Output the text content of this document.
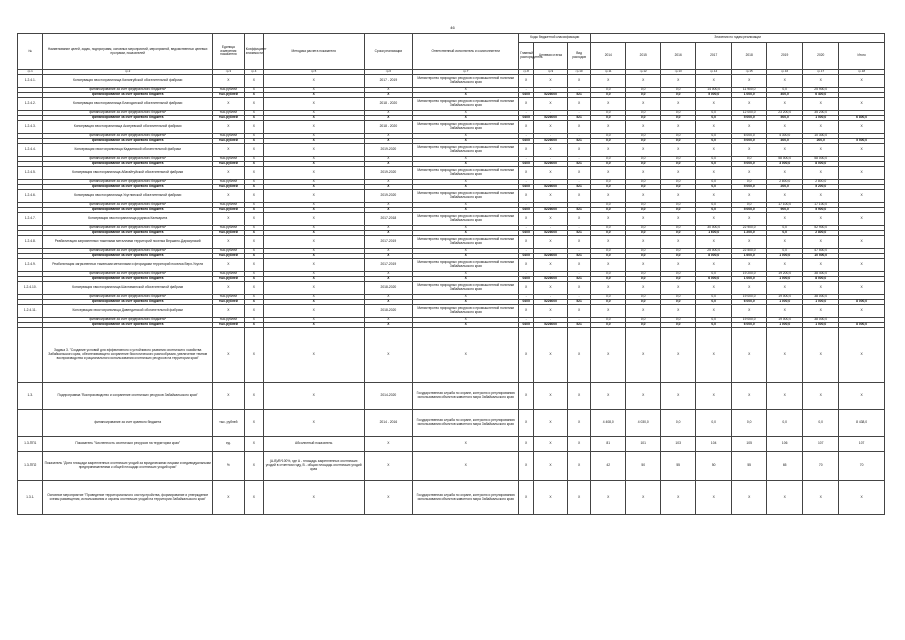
46
№	Наименование целей, задач, подпрограмм, основных мероприятий, мероприятий, ведомственных целевых программ, показателей	Единица измерения показателя	Коэффициент значимости	Методика расчета показателя	Сроки реализации	Ответственный исполнитель и соисполнители	Коды бюджетной классификации			Значения по годам реализации							
							Главный распорядитель	Целевая статья	Вид расходов	2014	2015	2016	2017	2018	2019	2020	Итого
гр.1	гр.2	гр.3	гр.4	гр.5	гр.6	гр.7	гр.8	гр.9	гр.10	гр.11	гр.12	гр.13	гр.14	гр.15	гр.16	гр.17	гр.18
1.2.4.1.	Консервация хвостохранилища Калангуйской обогатительной фабрики	Х	Х	Х	2017 - 2019	Министерство природных ресурсов и промышленной политики Забайкальского края	Х	Х	Х	Х	Х	Х	Х	Х	Х	Х	Х
	финансирование за счет федерального бюджета*	тыс.рублей	Х	Х	Х	Х	-	-	-	0,0	0,0	0,0	14 000,0	11 900,0	0,0	25 900,0	
	финансирование за счет краевого бюджета	тыс.рублей	Х	Х	Х	Х	0405	5226000	521	0,0	0,0	0,0	5 000,0	1 000,0	400,0	6 400,0	
1.2.4.2.	Консервация хвостохранилища Благодатской обогатительной фабрики	Х	Х	Х	2018 - 2020	Министерство природных ресурсов и промышленной политики Забайкальского края	Х	Х	Х	Х	Х	Х	Х	Х	Х	Х	Х
	финансирование за счет федерального бюджета*	тыс.рублей	Х	Х	Х	Х	-	-	-	0,0	0,0	0,0	0,0	12 000,0	23 200,0	35 200,0	
	финансирование за счет краевого бюджета	тыс.рублей	Х	Х	Х	Х	0405	5226000	521	0,0	0,0	0,0	0,0	5 000,0	500,0	1 000,0	6 800,0
1.2.4.3.	Консервация хвостохранилища Акатуевской обогатительной фабрики	Х	Х	Х	2018 - 2020	Министерство природных ресурсов и промышленной политики Забайкальского края	Х	Х	Х	Х	Х	Х	Х	Х	Х	Х	Х
	финансирование за счет федерального бюджета*	тыс.рублей	Х	Х	Х	Х	-	-	-	0,0	0,0	0,0	0,0	6 000,0	4 300,0	10 300,0	
	финансирование за счет краевого бюджета	тыс.рублей	Х	Х	Х	Х	0405	5226000	521	0,0	0,0	0,0	0,0	5 000,0	300,0	200,0	5 500,0
1.2.4.4.	Консервация хвостохранилища Кадаинской обогатительной фабрики	Х	Х	Х	2019-2020	Министерство природных ресурсов и промышленной политики Забайкальского края	Х	Х	Х	Х	Х	Х	Х	Х	Х	Х	Х
	финансирование за счет федерального бюджета*	тыс.рублей	Х	Х	Х	Х	-	-	-	0,0	0,0	0,0	0,0	0,0	58 000,0	58 000,0	
	финансирование за счет краевого бюджета	тыс.рублей	Х	Х	Х	Х	0405	5226000	521	0,0	0,0	0,0	0,0	5 000,0	3 000,0	8 000,0	
1.2.4.5.	Консервация хвостохранилища Абагайтуйской обогатительной фабрики	Х	Х	Х	2019-2020	Министерство природных ресурсов и промышленной политики Забайкальского края	Х	Х	Х	Х	Х	Х	Х	Х	Х	Х	Х
	финансирование за счет федерального бюджета*	тыс.рублей	Х	Х	Х	Х	-	-	-	0,0	0,0	0,0	0,0	0,0	2 800,0	2 800,0	
	финансирование за счет краевого бюджета	тыс.рублей	Х	Х	Х	Х	0405	5226000	521	0,0	0,0	0,0	0,0	5 000,0	200,0	5 200,0	
1.2.4.6.	Консервация хвостохранилища Усуглинской обогатительной фабрики	Х	Х	Х	2019-2020	Министерство природных ресурсов и промышленной политики Забайкальского края	Х	Х	Х	Х	Х	Х	Х	Х	Х	Х	Х
	финансирование за счет федерального бюджета*	тыс.рублей	Х	Х	Х	Х	-	-	-	0,0	0,0	0,0	0,0	0,0	17 100,0	17 100,0	
	финансирование за счет краевого бюджета	тыс.рублей	Х	Х	Х	Х	0405	5226000	521	0,0	0,0	0,0	0,0	5 000,0	900,0	5 900,0	
1.2.4.7.	Консервация хвостохранилища рудника Калмарита	Х	Х	Х	2017-2018	Министерство природных ресурсов и промышленной политики Забайкальского края	Х	Х	Х	Х	Х	Х	Х	Х	Х	Х	Х
	финансирование за счет федерального бюджета*	тыс.рублей	Х	Х	Х	Х	-	-	-	0,0	0,0	0,0	30 000,0	22 900,0	0,0	52 900,0	
	финансирование за счет краевого бюджета	тыс.рублей	Х	Х	Х	Х	0405	5226000	521	0,0	0,0	0,0	1 600,0	1 200,0	0,0	2 800,0	
1.2.4.8.	Реабилитация загрязненных тяжелыми металлами территорий поселка Вершино-Дарасунский	Х	Х	Х	2017-2019	Министерство природных ресурсов и промышленной политики Забайкальского края	Х	Х	Х	Х	Х	Х	Х	Х	Х	Х	Х
	финансирование за счет федерального бюджета*	тыс.рублей	Х	Х	Х	Х	-	-	-	0,0	0,0	0,0	25 000,0	22 500,0	0,0	47 500,0	
	финансирование за счет краевого бюджета	тыс.рублей	Х	Х	Х	Х	0405	5226000	521	0,0	0,0	0,0	8 000,0	1 600,0	1 000,0	10 500,0	
1.2.4.9.	Реабилитация загрязненных тяжелыми металлами и фторидами территорий поселка Верх-Усугли	Х	Х	Х	2017-2019	Министерство природных ресурсов и промышленной политики Забайкальского края	Х	Х	Х	Х	Х	Х	Х	Х	Х	Х	Х
	финансирование за счет федерального бюджета*	тыс.рублей	Х	Х	Х	Х	-	-	-	0,0	0,0	0,0	0,0	19 200,0	19 200,0	38 400,0	
	финансирование за счет краевого бюджета	тыс.рублей	Х	Х	Х	Х	0405	5226000	521	0,0	0,0	0,0	6 000,0	1 000,0	1 000,0	8 000,0	
1.2.4.10.	Консервация хвостохранилища Шахтаминской обогатительной фабрики	Х	Х	Х	2018-2020	Министерство природных ресурсов и промышленной политики Забайкальского края	Х	Х	Х	Х	Х	Х	Х	Х	Х	Х	Х
	финансирование за счет федерального бюджета*	тыс.рублей	Х	Х	Х	Х	-	-	-	0,0	0,0	0,0	0,0	19 000,0	19 000,0	38 000,0	
	финансирование за счет краевого бюджета	тыс.рублей	Х	Х	Х	Х	0405	5226000	521	0,0	0,0	0,0	0,0	6 000,0	1 000,0	1 000,0	8 000,0
1.2.4.11.	Консервация хвостохранилища Давендинской обогатительной фабрики	Х	Х	Х	2018-2020	Министерство природных ресурсов и промышленной политики Забайкальского края	Х	Х	Х	Х	Х	Х	Х	Х	Х	Х	Х
	финансирование за счет федерального бюджета*	тыс.рублей	Х	Х	Х	Х	-	-	-	0,0	0,0	0,0	0,0	19 000,0	19 000,0	38 000,0	
	финансирование за счет краевого бюджета	тыс.рублей	Х	Х	Х	Х	0405	5226000	521	0,0	0,0	0,0	0,0	6 000,0	1 000,0	1 000,0	8 000,0
	Задача 3. "Создание условий для эффективного и устойчивого развития охотничьего хозяйства Забайкальского края, обеспечивающего сохранение биологического разнообразия, увеличение темпов воспроизводства и рационального использования охотничьих ресурсов на территории края"	Х	Х	Х	Х	Х	Х	Х	Х	Х	Х	Х	Х	Х	Х	Х	Х
1.3.	Подпрограмма "Воспроизводство и сохранение охотничьих ресурсов Забайкальского края"	Х	Х	Х	2014-2020	Государственная служба по охране, контролю и регулированию использования объектов животного мира Забайкальского края	Х	Х	Х	Х	Х	Х	Х	Х	Х	Х	Х
	финансирование за счет краевого бюджета	тыс. рублей	Х	Х	2014 - 2016	Государственная служба по охране, контролю и регулированию использования объектов животного мира Забайкальского края	Х	Х	Х	4 408,0	4 030,0	0,0	0,0	0,0	0,0	0,0	8 438,0
1.3-ПП1	Показатель "Численность охотничьих ресурсов на территории края"	ед.	Х	Абсолютный показатель	Х	Х	Х	Х	Х	81	101	103	104	105	106	107	107
1.3-ПП2	Показатель "Доля площади закрепленных охотничьих угодий за юридическими лицами и индивидуальными предпринимателями к общей площади охотничьих угодий края"	%	Х	(А-В)/В*100%, где А - площадь закрепленных охотничьих угодий в отчетном году, В - общая площадь охотничьих угодий края	Х	Х	Х	Х	Х	42	50	55	50	55	65	70	70
1.3.1.	Основное мероприятие "Проведение территориального охотоустройства, формирование и утверждение схемы размещения, использования и охраны охотничьих угодий на территории Забайкальского края"	Х	Х	Х	Х	Государственная служба по охране, контролю и регулированию использования объектов животного мира Забайкальского края	Х	Х	Х	Х	Х	Х	Х	Х	Х	Х	Х
